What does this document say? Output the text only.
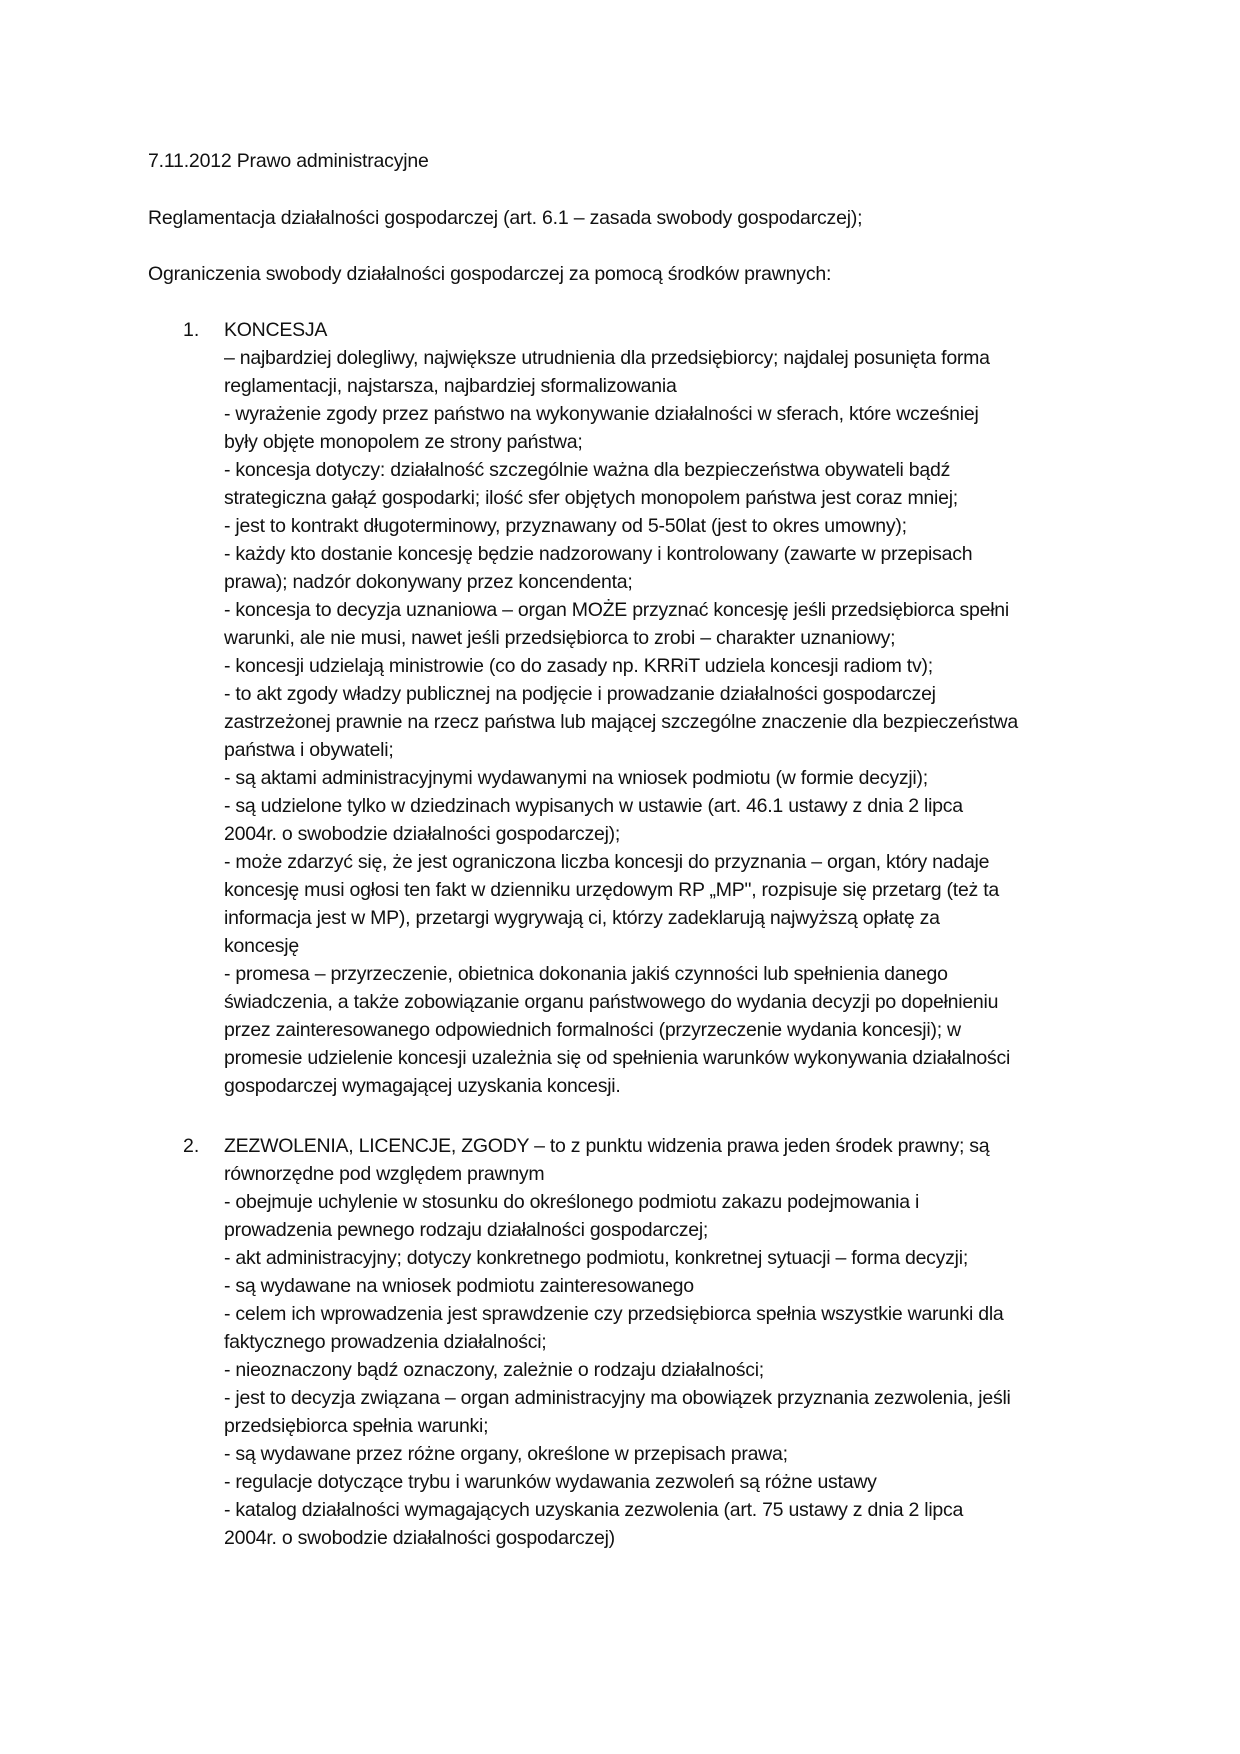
7.11.2012 Prawo administracyjne
Reglamentacja działalności gospodarczej (art. 6.1 – zasada swobody gospodarczej);
Ograniczenia swobody działalności gospodarczej za pomocą środków prawnych:
1. KONCESJA
– najbardziej dolegliwy, największe utrudnienia dla przedsiębiorcy; najdalej posunięta forma
reglamentacji, najstarsza, najbardziej sformalizowania
- wyrażenie zgody przez państwo na wykonywanie działalności w sferach, które wcześniej
były objęte monopolem ze strony państwa;
- koncesja dotyczy: działalność szczególnie ważna dla bezpieczeństwa obywateli bądź
strategiczna gałąź gospodarki; ilość sfer objętych monopolem państwa jest coraz mniej;
- jest to kontrakt długoterminowy, przyznawany od 5-50lat (jest to okres umowny);
- każdy kto dostanie koncesję będzie nadzorowany i kontrolowany (zawarte w przepisach
prawa); nadzór dokonywany przez koncendenta;
- koncesja to decyzja uznaniowa – organ MOŻE przyznać koncesję jeśli przedsiębiorca spełni
warunki, ale nie musi, nawet jeśli przedsiębiorca to zrobi – charakter uznaniowy;
- koncesji udzielają ministrowie (co do zasady np. KRRiT udziela koncesji radiom tv);
- to akt zgody władzy publicznej na podjęcie i prowadzanie działalności gospodarczej
zastrzeżonej prawnie na rzecz państwa lub mającej szczególne znaczenie dla bezpieczeństwa
państwa i obywateli;
- są aktami administracyjnymi wydawanymi na wniosek podmiotu (w formie decyzji);
- są udzielone tylko w dziedzinach wypisanych w ustawie (art. 46.1 ustawy z dnia 2 lipca
2004r. o swobodzie działalności gospodarczej);
- może zdarzyć się, że jest ograniczona liczba koncesji do przyznania – organ, który nadaje
koncesję musi ogłosi ten fakt w dzienniku urzędowym RP „MP", rozpisuje się przetarg (też ta
informacja jest w MP), przetargi wygrywają ci, którzy zadeklarują najwyższą opłatę za
koncesję
- promesa – przyrzeczenie, obietnica dokonania jakiś czynności lub spełnienia danego
świadczenia, a także zobowiązanie organu państwowego do wydania decyzji po dopełnieniu
przez zainteresowanego odpowiednich formalności (przyrzeczenie wydania koncesji); w
promesie udzielenie koncesji uzależnia się od spełnienia warunków wykonywania działalności
gospodarczej wymagającej uzyskania koncesji.
2. ZEZWOLENIA, LICENCJE, ZGODY – to z punktu widzenia prawa jeden środek prawny; są
równorzędne pod względem prawnym
- obejmuje uchylenie w stosunku do określonego podmiotu zakazu podejmowania i
prowadzenia pewnego rodzaju działalności gospodarczej;
- akt administracyjny; dotyczy konkretnego podmiotu, konkretnej sytuacji – forma decyzji;
- są wydawane na wniosek podmiotu zainteresowanego
- celem ich wprowadzenia jest sprawdzenie czy przedsiębiorca spełnia wszystkie warunki dla
faktycznego prowadzenia działalności;
- nieoznaczony bądź oznaczony, zależnie o rodzaju działalności;
- jest to decyzja związana – organ administracyjny ma obowiązek przyznania zezwolenia, jeśli
przedsiębiorca spełnia warunki;
- są wydawane przez różne organy, określone w przepisach prawa;
- regulacje dotyczące trybu i warunków wydawania zezwoleń są różne ustawy
- katalog działalności wymagających uzyskania zezwolenia (art. 75 ustawy z dnia 2 lipca
2004r. o swobodzie działalności gospodarczej)
